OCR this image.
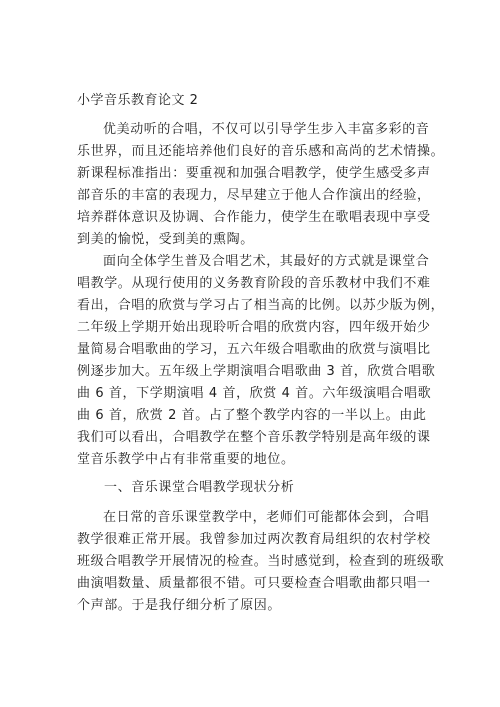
小学音乐教育论文 2
优美动听的合唱，不仅可以引导学生步入丰富多彩的音
乐世界，而且还能培养他们良好的音乐感和高尚的艺术情操。
新课程标准指出：要重视和加强合唱教学，使学生感受多声
部音乐的丰富的表现力，尽早建立于他人合作演出的经验，
培养群体意识及协调、合作能力，使学生在歌唱表现中享受
到美的愉悦，受到美的熏陶。
面向全体学生普及合唱艺术，其最好的方式就是课堂合
唱教学。从现行使用的义务教育阶段的音乐教材中我们不难
看出，合唱的欣赏与学习占了相当高的比例。以苏少版为例，
二年级上学期开始出现聆听合唱的欣赏内容，四年级开始少
量简易合唱歌曲的学习，五六年级合唱歌曲的欣赏与演唱比
例逐步加大。五年级上学期演唱合唱歌曲 3 首，欣赏合唱歌
曲 6 首，下学期演唱 4 首，欣赏 4 首。六年级演唱合唱歌
曲 6 首，欣赏 2 首。占了整个教学内容的一半以上。由此
我们可以看出，合唱教学在整个音乐教学特别是高年级的课
堂音乐教学中占有非常重要的地位。
一、音乐课堂合唱教学现状分析
在日常的音乐课堂教学中，老师们可能都体会到，合唱
教学很难正常开展。我曾参加过两次教育局组织的农村学校
班级合唱教学开展情况的检查。当时感觉到，检查到的班级歌
曲演唱数量、质量都很不错。可只要检查合唱歌曲都只唱一
个声部。于是我仔细分析了原因。
